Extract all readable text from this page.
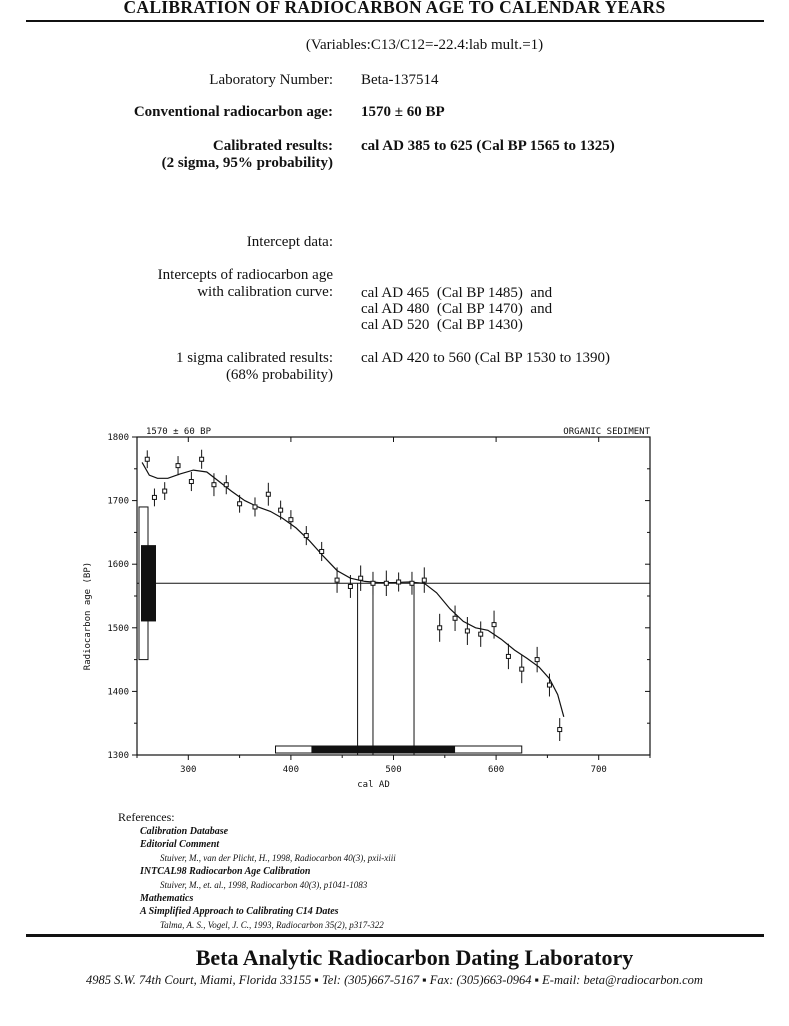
CALIBRATION OF RADIOCARBON AGE TO CALENDAR YEARS
(Variables:C13/C12=-22.4:lab mult.=1)
Laboratory Number: Beta-137514
Conventional radiocarbon age: 1570 ± 60 BP
Calibrated results:
(2 sigma, 95% probability)
cal AD 385 to 625 (Cal BP 1565 to 1325)
Intercept data:
Intercepts of radiocarbon age
with calibration curve: cal AD 465  (Cal BP 1485)  and
cal AD 480  (Cal BP 1470)  and
cal AD 520  (Cal BP 1430)
1 sigma calibrated results:
(68% probability)
cal AD 420 to 560 (Cal BP 1530 to 1390)
1300
1400
1500
1600
1700
1800
300	400	500	600	700
cal AD
Radiocarbon age (BP)
1570 ± 60 BP	ORGANIC SEDIMENT
References:
Calibration Database
Editorial Comment
Stuiver, M., van der Plicht, H., 1998, Radiocarbon 40(3), pxii-xiii
INTCAL98 Radiocarbon Age Calibration
Stuiver, M., et. al., 1998, Radiocarbon 40(3), p1041-1083
Mathematics
A Simplified Approach to Calibrating C14 Dates
Talma, A. S., Vogel, J. C., 1993, Radiocarbon 35(2), p317-322
Beta Analytic Radiocarbon Dating Laboratory
4985 S.W. 74th Court, Miami, Florida 33155 ▪ Tel: (305)667-5167 ▪ Fax: (305)663-0964 ▪ E-mail: beta@radiocarbon.com
